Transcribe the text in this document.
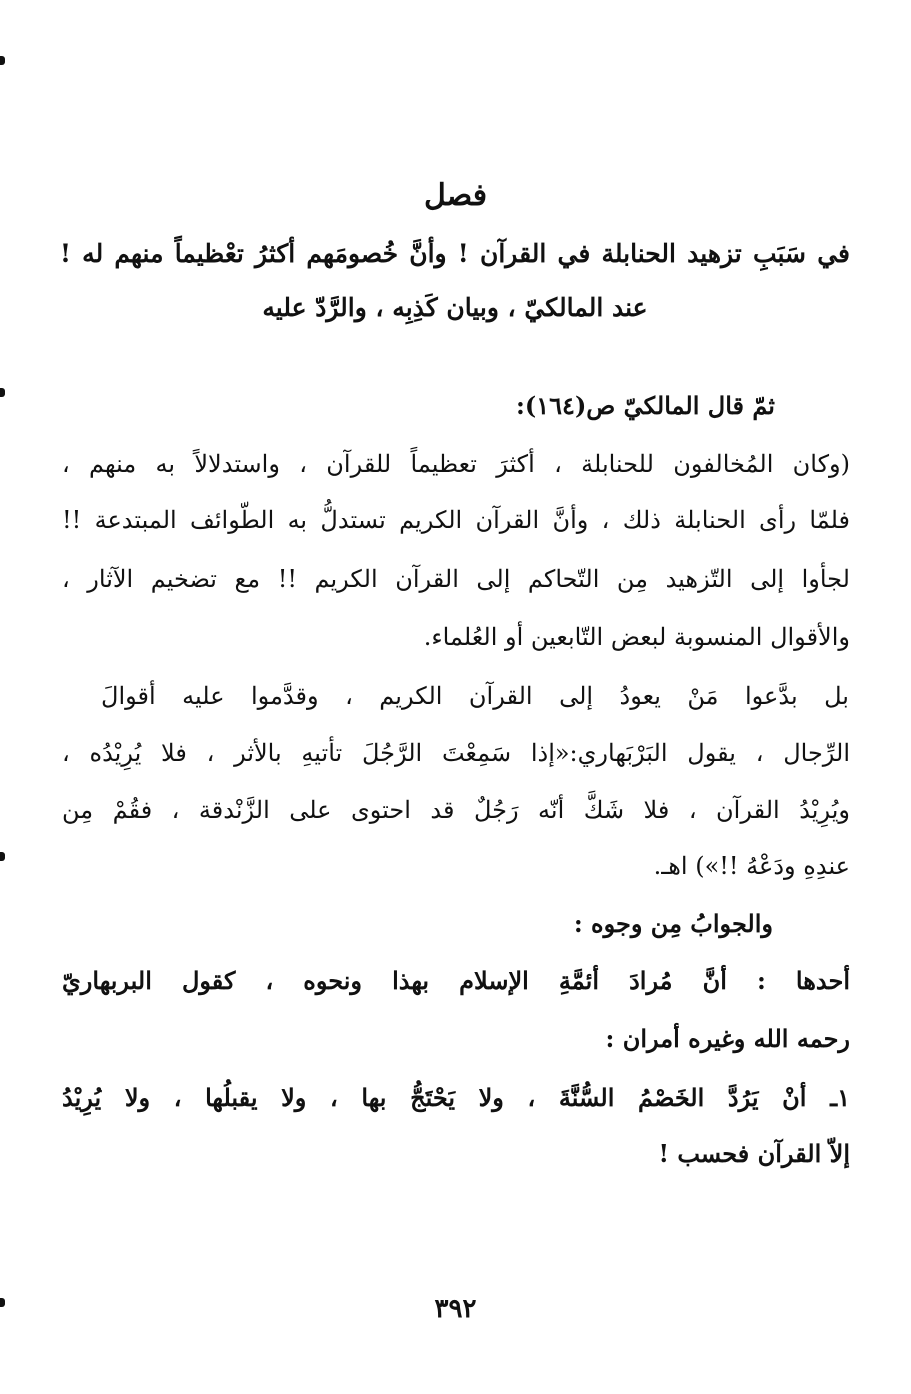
فصل
في سَبَبِ تزهيد الحنابلة في القرآن ! وأنَّ خُصومَهم أكثرُ تعْظيماً منهم له !
عند المالكيّ ، وبيان كَذِبِه ، والرَّدّ عليه
ثمّ قال المالكيّ ص(١٦٤):
(وكان المُخالفون للحنابلة ، أكثرَ تعظيماً للقرآن ، واستدلالاً به منهم ،
فلمّا رأى الحنابلة ذلك ، وأنَّ القرآن الكريم تستدلُّ به الطّوائف المبتدعة !!
لجأوا إلى التّزهيد مِن التّحاكم إلى القرآن الكريم !! مع تضخيم الآثار ،
والأقوال المنسوبة لبعض التّابعين أو العُلماء.
بل بدَّعوا مَنْ يعودُ إلى القرآن الكريم ، وقدَّموا عليه أقوالَ
الرِّجال ، يقول البَرْبَهاري:«إذا سَمِعْتَ الرَّجُلَ تأتيهِ بالأثر ، فلا يُرِيْدُه ،
ويُرِيْدُ القرآن ، فلا شَكَّ أنّه رَجُلٌ قد احتوى على الزَّنْدقة ، فقُمْ مِن
عندِهِ ودَعْهُ !!») اهـ.
والجوابُ مِن وجوه :
أحدها : أنَّ مُرادَ أئمَّةِ الإسلام بهذا ونحوه ، كقول البربهاريّ
رحمه الله وغيره أمران :
١ـ أنْ يَرُدَّ الخَصْمُ السُّنَّةَ ، ولا يَحْتَجُّ بها ، ولا يقبلُها ، ولا يُرِيْدُ
إلاّ القرآن فحسب !
٣٩٢
